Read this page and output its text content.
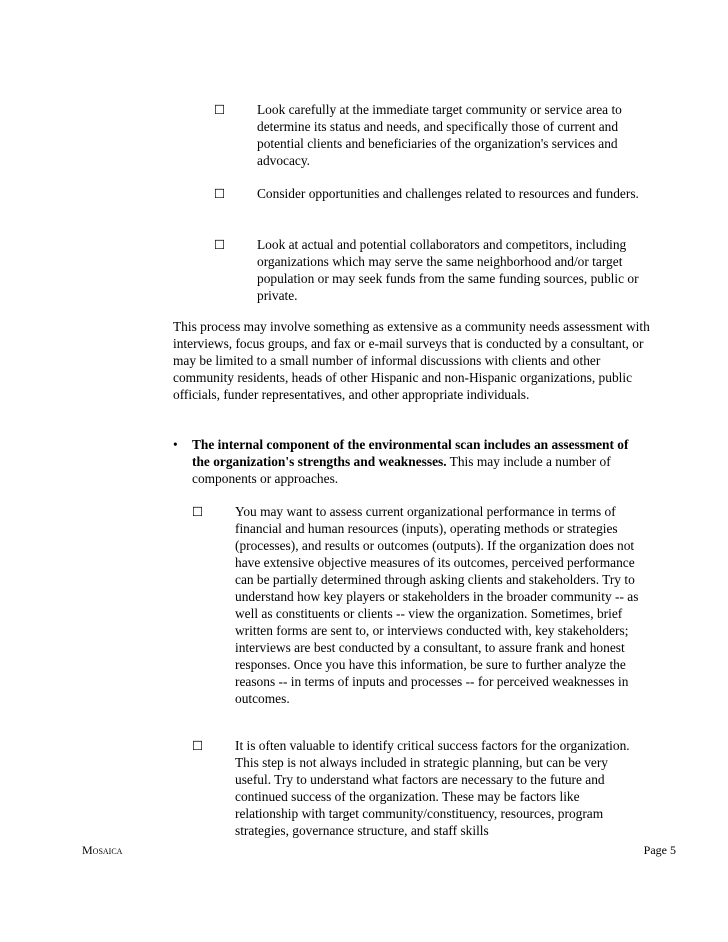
☐ Look carefully at the immediate target community or service area to determine its status and needs, and specifically those of current and potential clients and beneficiaries of the organization's services and advocacy.
☐ Consider opportunities and challenges related to resources and funders.
☐ Look at actual and potential collaborators and competitors, including organizations which may serve the same neighborhood and/or target population or may seek funds from the same funding sources, public or private.
This process may involve something as extensive as a community needs assessment with interviews, focus groups, and fax or e-mail surveys that is conducted by a consultant, or may be limited to a small number of informal discussions with clients and other community residents, heads of other Hispanic and non-Hispanic organizations, public officials, funder representatives, and other appropriate individuals.
• The internal component of the environmental scan includes an assessment of the organization's strengths and weaknesses. This may include a number of components or approaches.
☐ You may want to assess current organizational performance in terms of financial and human resources (inputs), operating methods or strategies (processes), and results or outcomes (outputs). If the organization does not have extensive objective measures of its outcomes, perceived performance can be partially determined through asking clients and stakeholders. Try to understand how key players or stakeholders in the broader community -- as well as constituents or clients -- view the organization. Sometimes, brief written forms are sent to, or interviews conducted with, key stakeholders; interviews are best conducted by a consultant, to assure frank and honest responses. Once you have this information, be sure to further analyze the reasons -- in terms of inputs and processes -- for perceived weaknesses in outcomes.
☐ It is often valuable to identify critical success factors for the organization. This step is not always included in strategic planning, but can be very useful. Try to understand what factors are necessary to the future and continued success of the organization. These may be factors like relationship with target community/constituency, resources, program strategies, governance structure, and staff skills
Mosaica	Page 5
